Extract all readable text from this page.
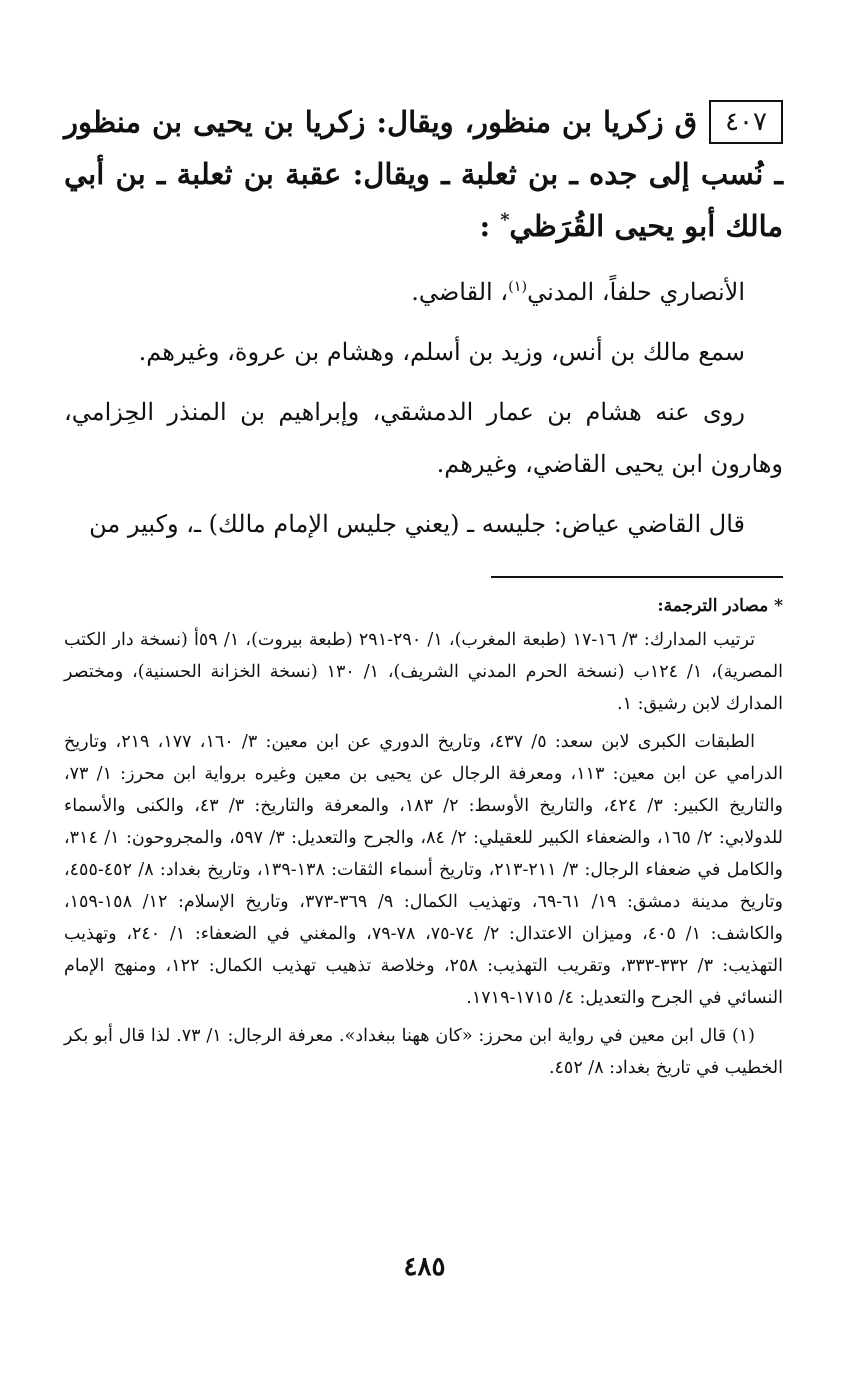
٤٠٧ق زكريا بن منظور، ويقال: زكريا بن يحيى بن منظور ـ نُسب إلى جده ـ بن ثعلبة ـ ويقال: عقبة بن ثعلبة ـ بن أبي مالك أبو يحيى القُرَظي* :

الأنصاري حلفاً، المدني$^{(١)}$، القاضي.

سمع مالك بن أنس، وزيد بن أسلم، وهشام بن عروة، وغيرهم.

روى عنه هشام بن عمار الدمشقي، وإبراهيم بن المنذر الحِزامي، وهارون ابن يحيى القاضي، وغيرهم.

قال القاضي عياض: جليسه ـ (يعني جليس الإمام مالك) ـ، وكبير من

* مصادر الترجمة:

ترتيب المدارك: ٣/ ١٦-١٧ (طبعة المغرب)، ١/ ٢٩٠-٢٩١ (طبعة بيروت)، ١/ ٥٩أ (نسخة دار الكتب المصرية)، ١/ ١٢٤ب (نسخة الحرم المدني الشريف)، ١/ ١٣٠ (نسخة الخزانة الحسنية)، ومختصر المدارك لابن رشيق: ١.

الطبقات الكبرى لابن سعد: ٥/ ٤٣٧، وتاريخ الدوري عن ابن معين: ٣/ ١٦٠، ١٧٧، ٢١٩، وتاريخ الدرامي عن ابن معين: ١١٣، ومعرفة الرجال عن يحيى بن معين وغيره برواية ابن محرز: ١/ ٧٣، والتاريخ الكبير: ٣/ ٤٢٤، والتاريخ الأوسط: ٢/ ١٨٣، والمعرفة والتاريخ: ٣/ ٤٣، والكنى والأسماء للدولابي: ٢/ ١٦٥، والضعفاء الكبير للعقيلي: ٢/ ٨٤، والجرح والتعديل: ٣/ ٥٩٧، والمجروحون: ١/ ٣١٤، والكامل في ضعفاء الرجال: ٣/ ٢١١-٢١٣، وتاريخ أسماء الثقات: ١٣٨-١٣٩، وتاريخ بغداد: ٨/ ٤٥٢-٤٥٥، وتاريخ مدينة دمشق: ١٩/ ٦١-٦٩، وتهذيب الكمال: ٩/ ٣٦٩-٣٧٣، وتاريخ الإسلام: ١٢/ ١٥٨-١٥٩، والكاشف: ١/ ٤٠٥، وميزان الاعتدال: ٢/ ٧٤-٧٥، ٧٨-٧٩، والمغني في الضعفاء: ١/ ٢٤٠، وتهذيب التهذيب: ٣/ ٣٣٢-٣٣٣، وتقريب التهذيب: ٢٥٨، وخلاصة تذهيب تهذيب الكمال: ١٢٢، ومنهج الإمام النسائي في الجرح والتعديل: ٤/ ١٧١٥-١٧١٩.

(١) قال ابن معين في رواية ابن محرز: «كان ههنا ببغداد». معرفة الرجال: ١/ ٧٣. لذا قال أبو بكر الخطيب في تاريخ بغداد: ٨/ ٤٥٢.

٤٨٥
